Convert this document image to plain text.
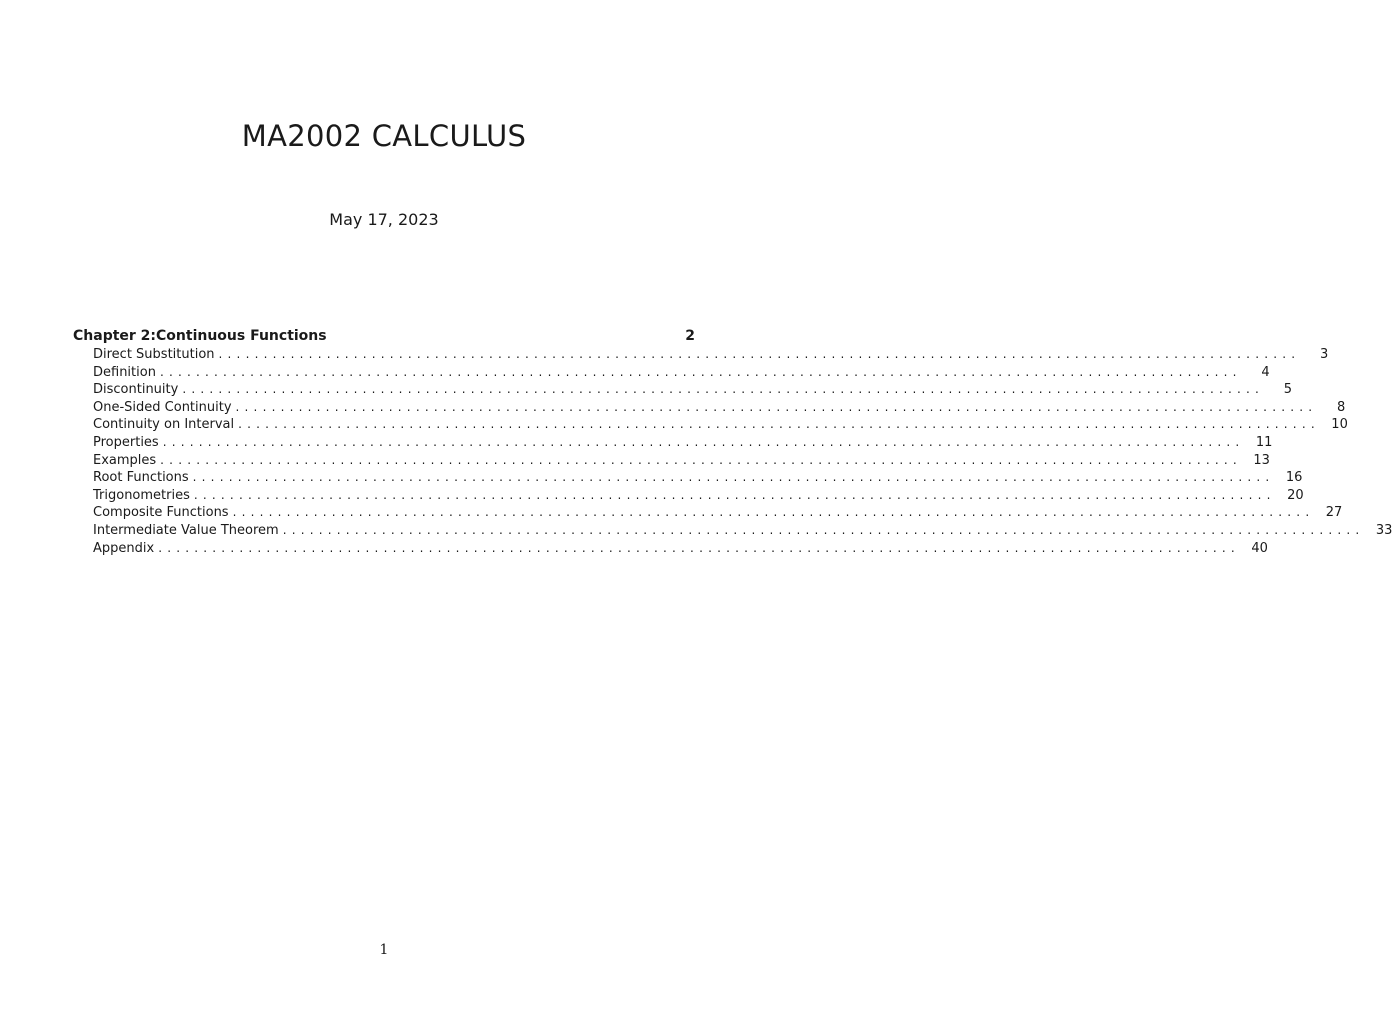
MA2002 CALCULUS
May 17, 2023
Chapter 2:Continuous Functions	2
Direct Substitution ........................................................................................................................	3
Definition ........................................................................................................................	4
Discontinuity ........................................................................................................................	5
One-Sided Continuity ........................................................................................................................	8
Continuity on Interval ........................................................................................................................ 10
Properties ........................................................................................................................ 11
Examples ........................................................................................................................ 13
Root Functions ........................................................................................................................ 16
Trigonometries ........................................................................................................................ 20
Composite Functions ........................................................................................................................ 27
Intermediate Value Theorem ........................................................................................................................ 33
Appendix ........................................................................................................................ 40
1
